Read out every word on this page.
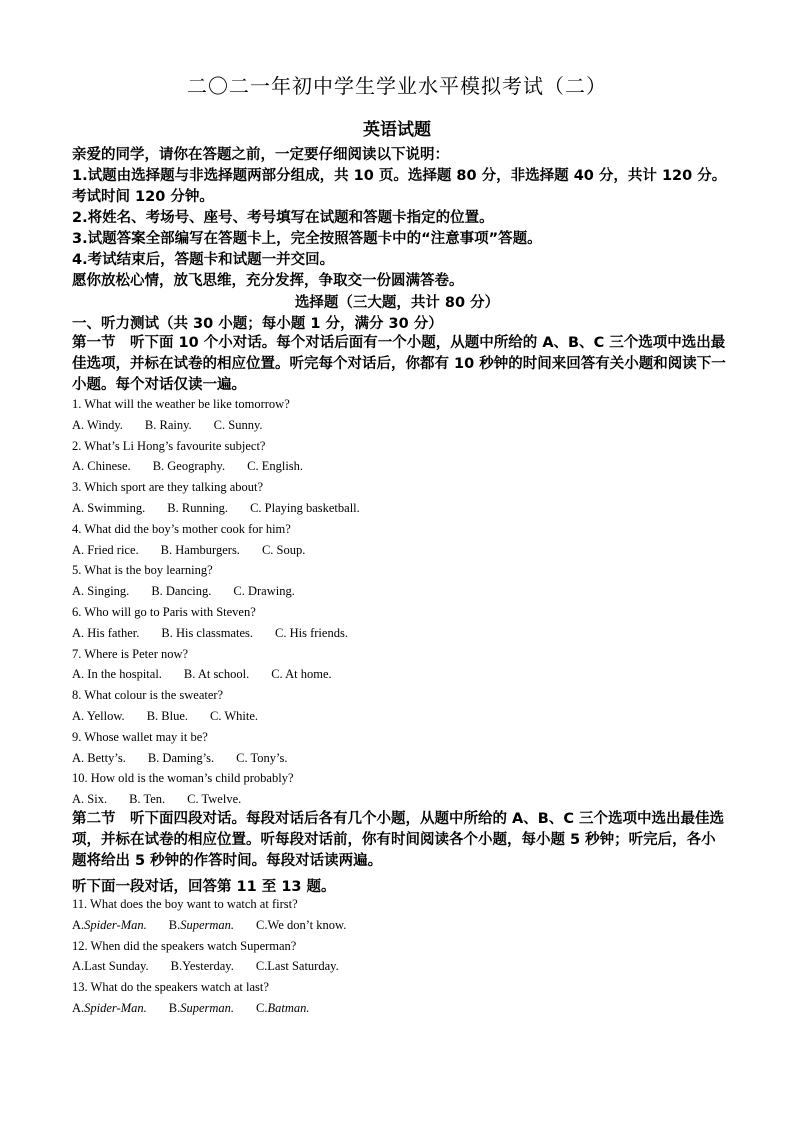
二〇二一年初中学生学业水平模拟考试（二）
英语试题

亲爱的同学，请你在答题之前，一定要仔细阅读以下说明：

1.试题由选择题与非选择题两部分组成，共 10 页。选择题 80 分，非选择题 40 分，共计 120 分。考试时间 120 分钟。

2.将姓名、考场号、座号、考号填写在试题和答题卡指定的位置。

3.试题答案全部编写在答题卡上，完全按照答题卡中的“注意事项”答题。

4.考试结束后，答题卡和试题一并交回。

愿你放松心情，放飞思维，充分发挥，争取交一份圆满答卷。

选择题（三大题，共计 80 分）
一、听力测试（共 30 小题；每小题 1 分，满分 30 分）

第一节　听下面 10 个小对话。每个对话后面有一个小题，从题中所给的 A、B、C 三个选项中选出最佳选项，并标在试卷的相应位置。听完每个对话后，你都有 10 秒钟的时间来回答有关小题和阅读下一小题。每个对话仅读一遍。

1. What will the weather be like tomorrow?

A. Windy. B. Rainy. C. Sunny.

2. What’s Li Hong’s favourite subject?

A. Chinese. B. Geography. C. English.

3. Which sport are they talking about?

A. Swimming. B. Running. C. Playing basketball.

4. What did the boy’s mother cook for him?

A. Fried rice. B. Hamburgers. C. Soup.

5. What is the boy learning?

A. Singing. B. Dancing. C. Drawing.

6. Who will go to Paris with Steven?

A. His father. B. His classmates. C. His friends.

7. Where is Peter now?

A. In the hospital. B. At school. C. At home.

8. What colour is the sweater?

A. Yellow. B. Blue. C. White.

9. Whose wallet may it be?

A. Betty’s. B. Daming’s. C. Tony’s.

10. How old is the woman’s child probably?

A. Six. B. Ten. C. Twelve.

第二节　听下面四段对话。每段对话后各有几个小题，从题中所给的 A、B、C 三个选项中选出最佳选项，并标在试卷的相应位置。听每段对话前，你有时间阅读各个小题，每小题 5 秒钟；听完后，各小题将给出 5 秒钟的作答时间。每段对话读两遍。

听下面一段对话，回答第 11 至 13 题。

11. What does the boy want to watch at first?

A.Spider-Man. B.Superman. C.We don’t know.

12. When did the speakers watch Superman?

A.Last Sunday. B.Yesterday. C.Last Saturday.

13. What do the speakers watch at last?

A.Spider-Man. B.Superman. C.Batman.
